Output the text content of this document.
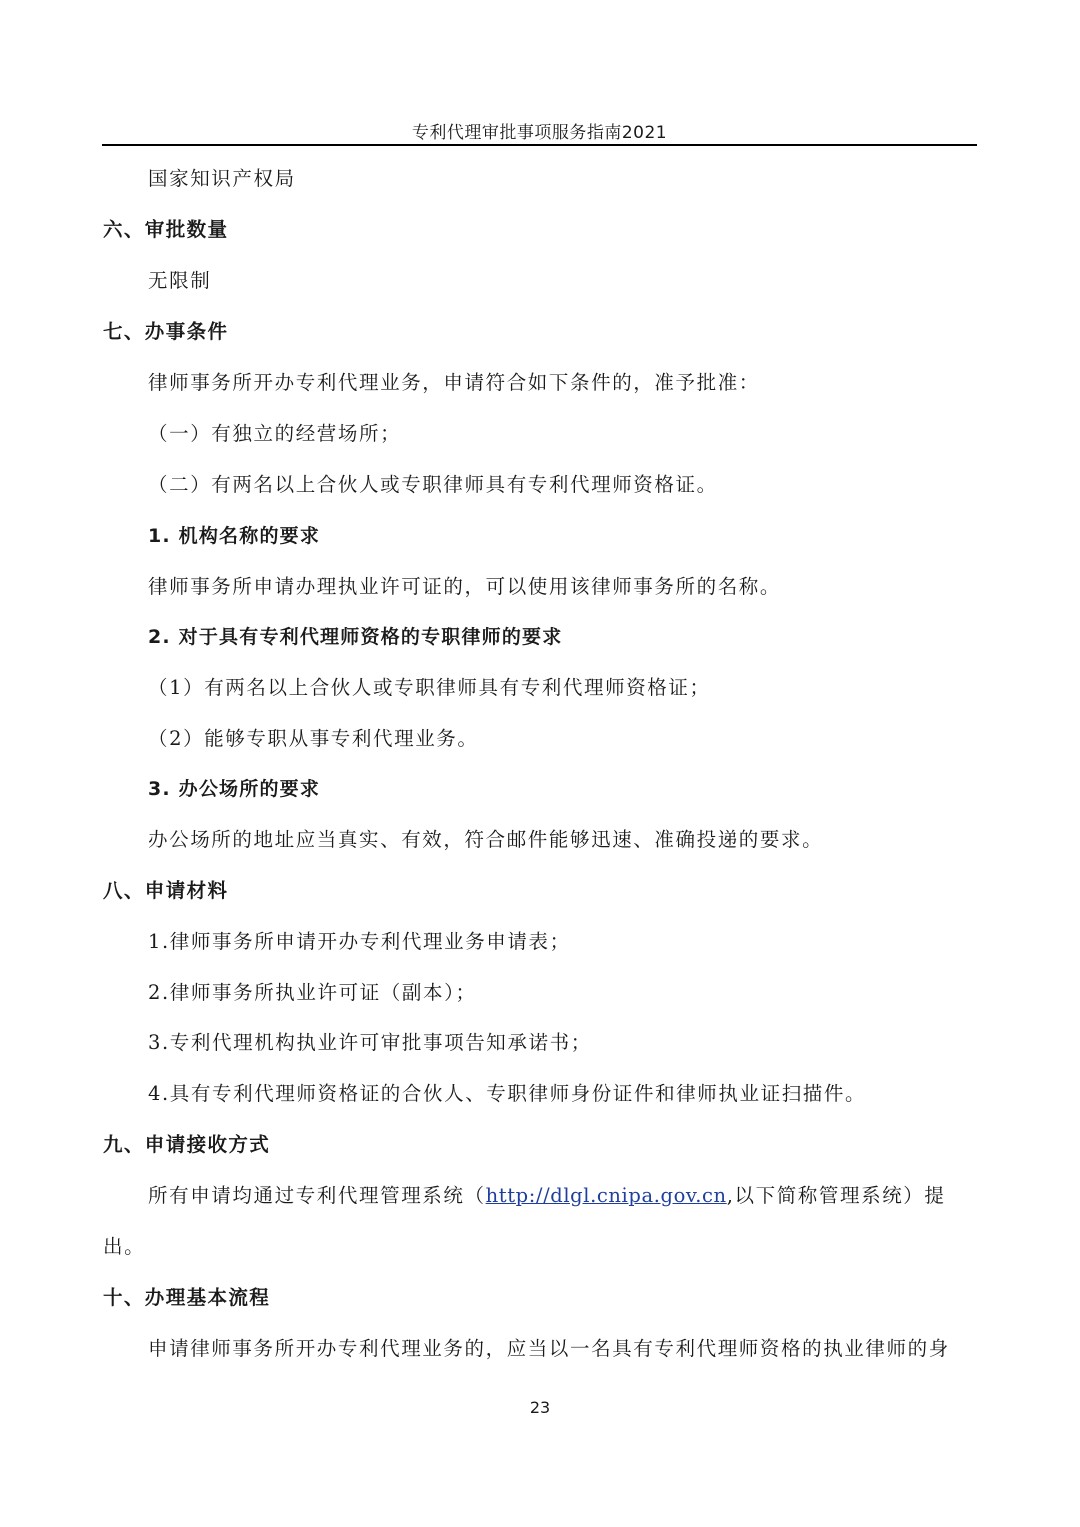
专利代理审批事项服务指南2021
国家知识产权局
六、审批数量
无限制
七、办事条件
律师事务所开办专利代理业务，申请符合如下条件的，准予批准：
（一）有独立的经营场所；
（二）有两名以上合伙人或专职律师具有专利代理师资格证。
1. 机构名称的要求
律师事务所申请办理执业许可证的，可以使用该律师事务所的名称。
2. 对于具有专利代理师资格的专职律师的要求
（1）有两名以上合伙人或专职律师具有专利代理师资格证；
（2）能够专职从事专利代理业务。
3. 办公场所的要求
办公场所的地址应当真实、有效，符合邮件能够迅速、准确投递的要求。
八、申请材料
1.律师事务所申请开办专利代理业务申请表；
2.律师事务所执业许可证（副本）；
3.专利代理机构执业许可审批事项告知承诺书；
4.具有专利代理师资格证的合伙人、专职律师身份证件和律师执业证扫描件。
九、申请接收方式
所有申请均通过专利代理管理系统（http://dlgl.cnipa.gov.cn,以下简称管理系统）提
出。
十、办理基本流程
申请律师事务所开办专利代理业务的，应当以一名具有专利代理师资格的执业律师的身
23
